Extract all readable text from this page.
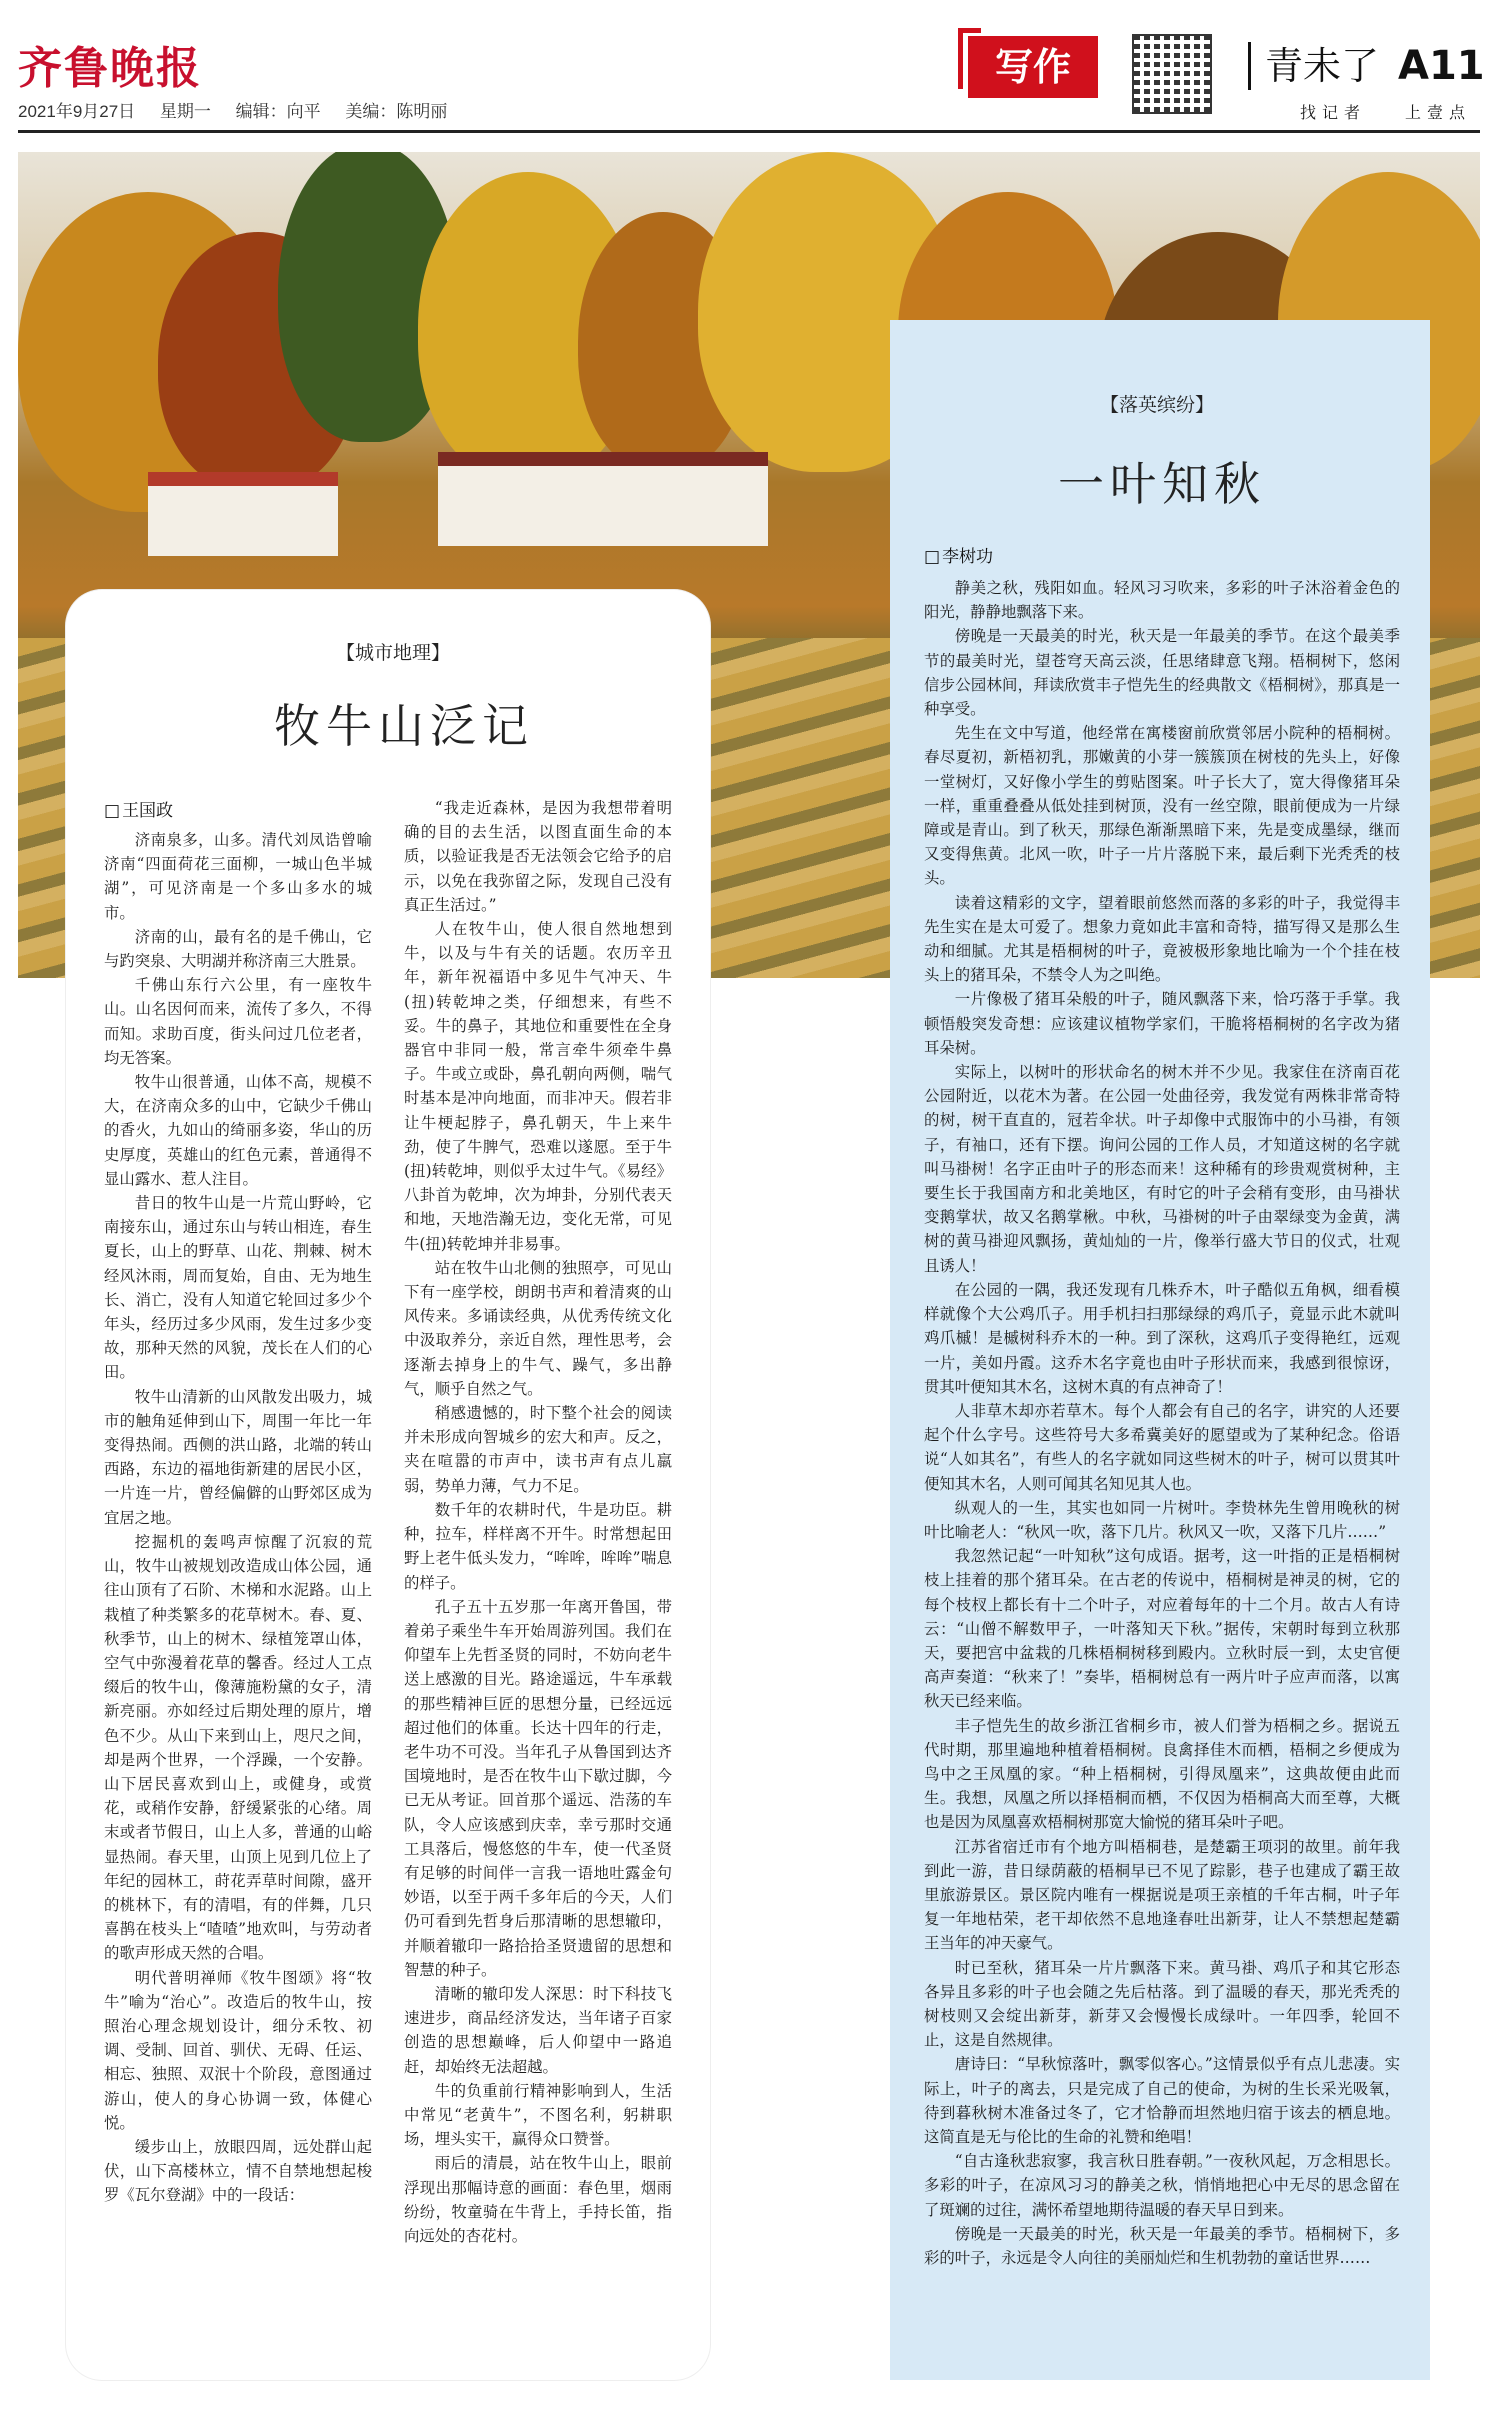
齐鲁晚报
2021年9月27日 星期一 编辑：向平 美编：陈明丽
写作	青未了 A11
找记者 上壹点
【城市地理】
牧牛山泛记
□ 王国政

济南泉多，山多。清代刘凤诰曾喻济南“四面荷花三面柳，一城山色半城湖”，可见济南是一个多山多水的城市。

济南的山，最有名的是千佛山，它与趵突泉、大明湖并称济南三大胜景。

千佛山东行六公里，有一座牧牛山。山名因何而来，流传了多久，不得而知。求助百度，街头问过几位老者，均无答案。

牧牛山很普通，山体不高，规模不大，在济南众多的山中，它缺少千佛山的香火，九如山的绮丽多姿，华山的历史厚度，英雄山的红色元素，普通得不显山露水、惹人注目。

昔日的牧牛山是一片荒山野岭，它南接东山，通过东山与转山相连，春生夏长，山上的野草、山花、荆棘、树木经风沐雨，周而复始，自由、无为地生长、消亡，没有人知道它轮回过多少个年头，经历过多少风雨，发生过多少变故，那种天然的风貌，茂长在人们的心田。

牧牛山清新的山风散发出吸力，城市的触角延伸到山下，周围一年比一年变得热闹。西侧的洪山路，北端的转山西路，东边的福地街新建的居民小区，一片连一片，曾经偏僻的山野郊区成为宜居之地。

挖掘机的轰鸣声惊醒了沉寂的荒山，牧牛山被规划改造成山体公园，通往山顶有了石阶、木梯和水泥路。山上栽植了种类繁多的花草树木。春、夏、秋季节，山上的树木、绿植笼罩山体，空气中弥漫着花草的馨香。经过人工点缀后的牧牛山，像薄施粉黛的女子，清新亮丽。亦如经过后期处理的原片，增色不少。从山下来到山上，咫尺之间，却是两个世界，一个浮躁，一个安静。山下居民喜欢到山上，或健身，或赏花，或稍作安静，舒缓紧张的心绪。周末或者节假日，山上人多，普通的山峪显热闹。春天里，山顶上见到几位上了年纪的园林工，莳花弄草时间隙，盛开的桃林下，有的清唱，有的伴舞，几只喜鹊在枝头上“喳喳”地欢叫，与劳动者的歌声形成天然的合唱。

明代普明禅师《牧牛图颂》将“牧牛”喻为“治心”。改造后的牧牛山，按照治心理念规划设计，细分禾牧、初调、受制、回首、驯伏、无碍、任运、相忘、独照、双泯十个阶段，意图通过游山，使人的身心协调一致，体健心悦。

缓步山上，放眼四周，远处群山起伏，山下高楼林立，情不自禁地想起梭罗《瓦尔登湖》中的一段话：

“我走近森林，是因为我想带着明确的目的去生活，以图直面生命的本质，以验证我是否无法领会它给予的启示，以免在我弥留之际，发现自己没有真正生活过。”

人在牧牛山，使人很自然地想到牛，以及与牛有关的话题。农历辛丑年，新年祝福语中多见牛气冲天、牛(扭)转乾坤之类，仔细想来，有些不妥。牛的鼻子，其地位和重要性在全身器官中非同一般，常言牵牛须牵牛鼻子。牛或立或卧，鼻孔朝向两侧，喘气时基本是冲向地面，而非冲天。假若非让牛梗起脖子，鼻孔朝天，牛上来牛劲，使了牛脾气，恐难以遂愿。至于牛(扭)转乾坤，则似乎太过牛气。《易经》八卦首为乾坤，次为坤卦，分别代表天和地，天地浩瀚无边，变化无常，可见牛(扭)转乾坤并非易事。

站在牧牛山北侧的独照亭，可见山下有一座学校，朗朗书声和着清爽的山风传来。多诵读经典，从优秀传统文化中汲取养分，亲近自然，理性思考，会逐渐去掉身上的牛气、躁气，多出静气，顺乎自然之气。

稍感遗憾的，时下整个社会的阅读并未形成向智城乡的宏大和声。反之，夹在喧嚣的市声中，读书声有点儿羸弱，势单力薄，气力不足。

数千年的农耕时代，牛是功臣。耕种，拉车，样样离不开牛。时常想起田野上老牛低头发力，“哞哞，哞哞”喘息的样子。

孔子五十五岁那一年离开鲁国，带着弟子乘坐牛车开始周游列国。我们在仰望车上先哲圣贤的同时，不妨向老牛送上感激的目光。路途遥远，牛车承载的那些精神巨匠的思想分量，已经远远超过他们的体重。长达十四年的行走，老牛功不可没。当年孔子从鲁国到达齐国境地时，是否在牧牛山下歇过脚，今已无从考证。回首那个遥远、浩荡的车队，令人应该感到庆幸，幸亏那时交通工具落后，慢悠悠的牛车，使一代圣贤有足够的时间伴一言我一语地吐露金句妙语，以至于两千多年后的今天，人们仍可看到先哲身后那清晰的思想辙印，并顺着辙印一路拾拾圣贤遗留的思想和智慧的种子。

清晰的辙印发人深思：时下科技飞速进步，商品经济发达，当年诸子百家创造的思想巅峰，后人仰望中一路追赶，却始终无法超越。

牛的负重前行精神影响到人，生活中常见“老黄牛”，不图名利，躬耕职场，埋头实干，赢得众口赞誉。

雨后的清晨，站在牧牛山上，眼前浮现出那幅诗意的画面：春色里，烟雨纷纷，牧童骑在牛背上，手持长笛，指向远处的杏花村。

【落英缤纷】
一叶知秋
□ 李树功

静美之秋，残阳如血。轻风习习吹来，多彩的叶子沐浴着金色的阳光，静静地飘落下来。

傍晚是一天最美的时光，秋天是一年最美的季节。在这个最美季节的最美时光，望苍穹天高云淡，任思绪肆意飞翔。梧桐树下，悠闲信步公园林间，拜读欣赏丰子恺先生的经典散文《梧桐树》，那真是一种享受。

先生在文中写道，他经常在寓楼窗前欣赏邻居小院种的梧桐树。春尽夏初，新梧初乳，那嫩黄的小芽一簇簇顶在树枝的先头上，好像一堂树灯，又好像小学生的剪贴图案。叶子长大了，宽大得像猪耳朵一样，重重叠叠从低处挂到树顶，没有一丝空隙，眼前便成为一片绿障或是青山。到了秋天，那绿色渐渐黑暗下来，先是变成墨绿，继而又变得焦黄。北风一吹，叶子一片片落脱下来，最后剩下光秃秃的枝头。

读着这精彩的文字，望着眼前悠然而落的多彩的叶子，我觉得丰先生实在是太可爱了。想象力竟如此丰富和奇特，描写得又是那么生动和细腻。尤其是梧桐树的叶子，竟被极形象地比喻为一个个挂在枝头上的猪耳朵，不禁令人为之叫绝。

一片像极了猪耳朵般的叶子，随风飘落下来，恰巧落于手掌。我顿悟般突发奇想：应该建议植物学家们，干脆将梧桐树的名字改为猪耳朵树。

实际上，以树叶的形状命名的树木并不少见。我家住在济南百花公园附近，以花木为著。在公园一处曲径旁，我发觉有两株非常奇特的树，树干直直的，冠若伞状。叶子却像中式服饰中的小马褂，有领子，有袖口，还有下摆。询问公园的工作人员，才知道这树的名字就叫马褂树！名字正由叶子的形态而来！这种稀有的珍贵观赏树种，主要生长于我国南方和北美地区，有时它的叶子会稍有变形，由马褂状变鹅掌状，故又名鹅掌楸。中秋，马褂树的叶子由翠绿变为金黄，满树的黄马褂迎风飘扬，黄灿灿的一片，像举行盛大节日的仪式，壮观且诱人！

在公园的一隅，我还发现有几株乔木，叶子酷似五角枫，细看模样就像个大公鸡爪子。用手机扫扫那绿绿的鸡爪子，竟显示此木就叫鸡爪槭！是槭树科乔木的一种。到了深秋，这鸡爪子变得艳红，远观一片，美如丹霞。这乔木名字竟也由叶子形状而来，我感到很惊讶，贯其叶便知其木名，这树木真的有点神奇了！

人非草木却亦若草木。每个人都会有自己的名字，讲究的人还要起个什么字号。这些符号大多希冀美好的愿望或为了某种纪念。俗语说“人如其名”，有些人的名字就如同这些树木的叶子，树可以贯其叶便知其木名，人则可闻其名知见其人也。

纵观人的一生，其实也如同一片树叶。李贽林先生曾用晚秋的树叶比喻老人：“秋风一吹，落下几片。秋风又一吹，又落下几片……”

我忽然记起“一叶知秋”这句成语。据考，这一叶指的正是梧桐树枝上挂着的那个猪耳朵。在古老的传说中，梧桐树是神灵的树，它的每个枝杈上都长有十二个叶子，对应着每年的十二个月。故古人有诗云：“山僧不解数甲子，一叶落知天下秋。”据传，宋朝时每到立秋那天，要把宫中盆栽的几株梧桐树移到殿内。立秋时辰一到，太史官便高声奏道：“秋来了！”奏毕，梧桐树总有一两片叶子应声而落，以寓秋天已经来临。

丰子恺先生的故乡浙江省桐乡市，被人们誉为梧桐之乡。据说五代时期，那里遍地种植着梧桐树。良禽择佳木而栖，梧桐之乡便成为鸟中之王凤凰的家。“种上梧桐树，引得凤凰来”，这典故便由此而生。我想，凤凰之所以择梧桐而栖，不仅因为梧桐高大而至尊，大概也是因为凤凰喜欢梧桐树那宽大愉悦的猪耳朵叶子吧。

江苏省宿迁市有个地方叫梧桐巷，是楚霸王项羽的故里。前年我到此一游，昔日绿荫蔽的梧桐早已不见了踪影，巷子也建成了霸王故里旅游景区。景区院内唯有一棵据说是项王亲植的千年古桐，叶子年复一年地枯荣，老干却依然不息地逢春吐出新芽，让人不禁想起楚霸王当年的冲天豪气。

时已至秋，猪耳朵一片片飘落下来。黄马褂、鸡爪子和其它形态各异且多彩的叶子也会随之先后枯落。到了温暖的春天，那光秃秃的树枝则又会绽出新芽，新芽又会慢慢长成绿叶。一年四季，轮回不止，这是自然规律。

唐诗曰：“早秋惊落叶，飘零似客心。”这情景似乎有点儿悲凄。实际上，叶子的离去，只是完成了自己的使命，为树的生长采光吸氧，待到暮秋树木准备过冬了，它才恰静而坦然地归宿于该去的栖息地。这简直是无与伦比的生命的礼赞和绝唱！

“自古逢秋悲寂寥，我言秋日胜春朝。”一夜秋风起，万念相思长。多彩的叶子，在凉风习习的静美之秋，悄悄地把心中无尽的思念留在了斑斓的过往，满怀希望地期待温暖的春天早日到来。

傍晚是一天最美的时光，秋天是一年最美的季节。梧桐树下，多彩的叶子，永远是令人向往的美丽灿烂和生机勃勃的童话世界……
